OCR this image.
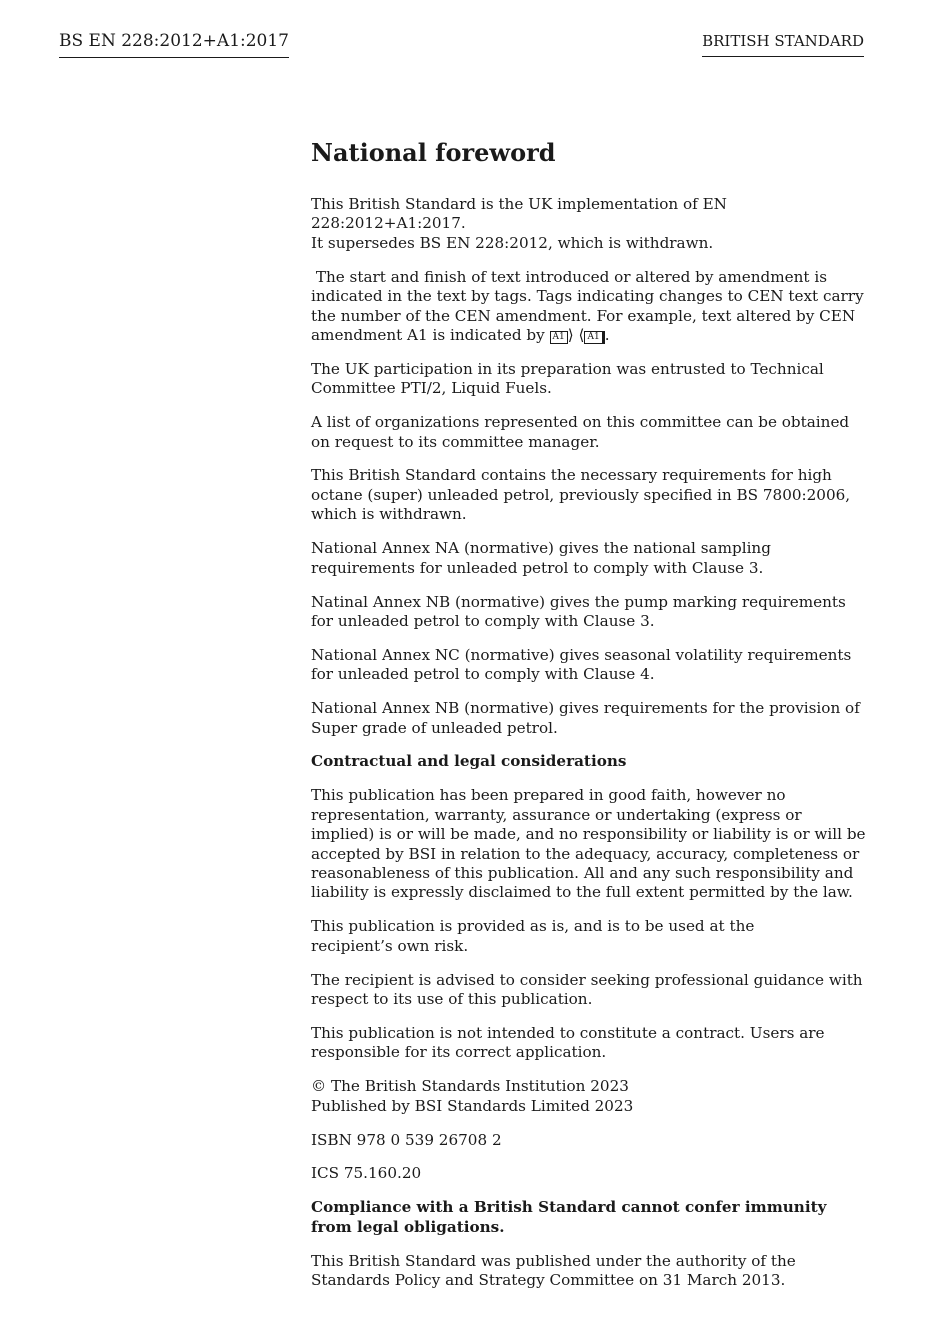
BS EN 228:2012+A1:2017	BRITISH STANDARD
National foreword

This British Standard is the UK implementation of EN 228:2012+A1:2017.
It supersedes BS EN 228:2012, which is withdrawn.

The start and finish of text introduced or altered by amendment is indicated in the text by tags. Tags indicating changes to CEN text carry the number of the CEN amendment. For example, text altered by CEN amendment A1 is indicated by A1 ⟩ ⟨ A1 .

The UK participation in its preparation was entrusted to Technical Committee PTI/2, Liquid Fuels.

A list of organizations represented on this committee can be obtained on request to its committee manager.

This British Standard contains the necessary requirements for high octane (super) unleaded petrol, previously specified in BS 7800:2006, which is withdrawn.

National Annex NA (normative) gives the national sampling requirements for unleaded petrol to comply with Clause 3.

Natinal Annex NB (normative) gives the pump marking requirements for unleaded petrol to comply with Clause 3.

National Annex NC (normative) gives seasonal volatility requirements for unleaded petrol to comply with Clause 4.

National Annex NB (normative) gives requirements for the provision of Super grade of unleaded petrol.

Contractual and legal considerations

This publication has been prepared in good faith, however no representation, warranty, assurance or undertaking (express or implied) is or will be made, and no responsibility or liability is or will be accepted by BSI in relation to the adequacy, accuracy, completeness or reasonableness of this publication. All and any such responsibility and liability is expressly disclaimed to the full extent permitted by the law.

This publication is provided as is, and is to be used at the
recipient’s own risk.

The recipient is advised to consider seeking professional guidance with respect to its use of this publication.

This publication is not intended to constitute a contract. Users are responsible for its correct application.

© The British Standards Institution 2023
Published by BSI Standards Limited 2023

ISBN 978 0 539 26708 2

ICS 75.160.20

Compliance with a British Standard cannot confer immunity from legal obligations.

This British Standard was published under the authority of the Standards Policy and Strategy Committee on 31 March 2013.
